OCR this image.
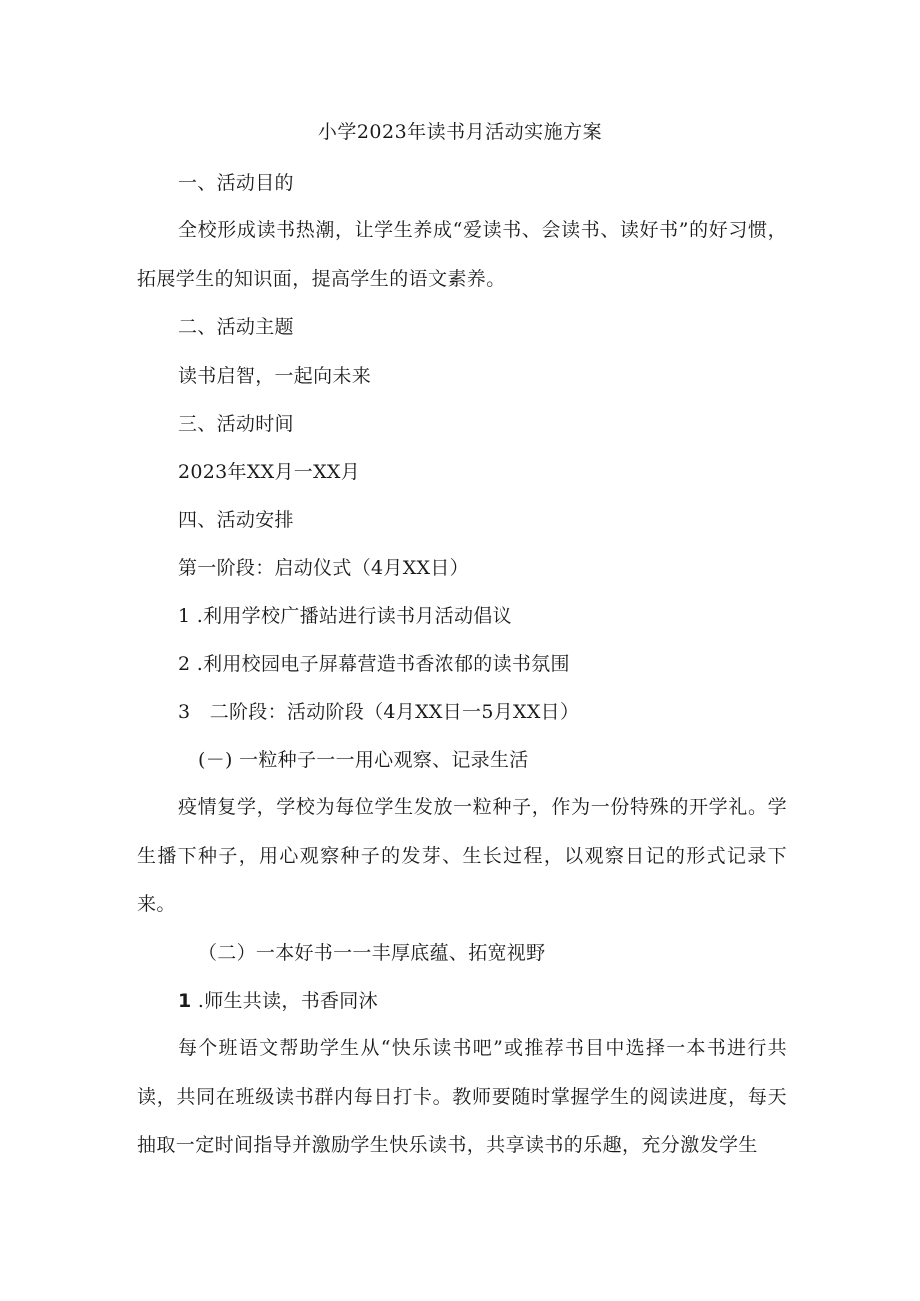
小学2023年读书月活动实施方案
一、活动目的
全校形成读书热潮，让学生养成“爱读书、会读书、读好书”的好习惯，拓展学生的知识面，提高学生的语文素养。
二、活动主题
读书启智，一起向未来
三、活动时间
2023年XX月一XX月
四、活动安排
第一阶段：启动仪式（4月XX日）
1 .利用学校广播站进行读书月活动倡议
2 .利用校园电子屏幕营造书香浓郁的读书氛围
3　二阶段：活动阶段（4月XX日一5月XX日）
(－) 一粒种子一一用心观察、记录生活
疫情复学，学校为每位学生发放一粒种子，作为一份特殊的开学礼。学生播下种子，用心观察种子的发芽、生长过程，以观察日记的形式记录下来。
（二）一本好书一一丰厚底蕴、拓宽视野
1 .师生共读，书香同沐
每个班语文帮助学生从“快乐读书吧”或推荐书目中选择一本书进行共读，共同在班级读书群内每日打卡。教师要随时掌握学生的阅读进度，每天抽取一定时间指导并激励学生快乐读书，共享读书的乐趣，充分激发学生
